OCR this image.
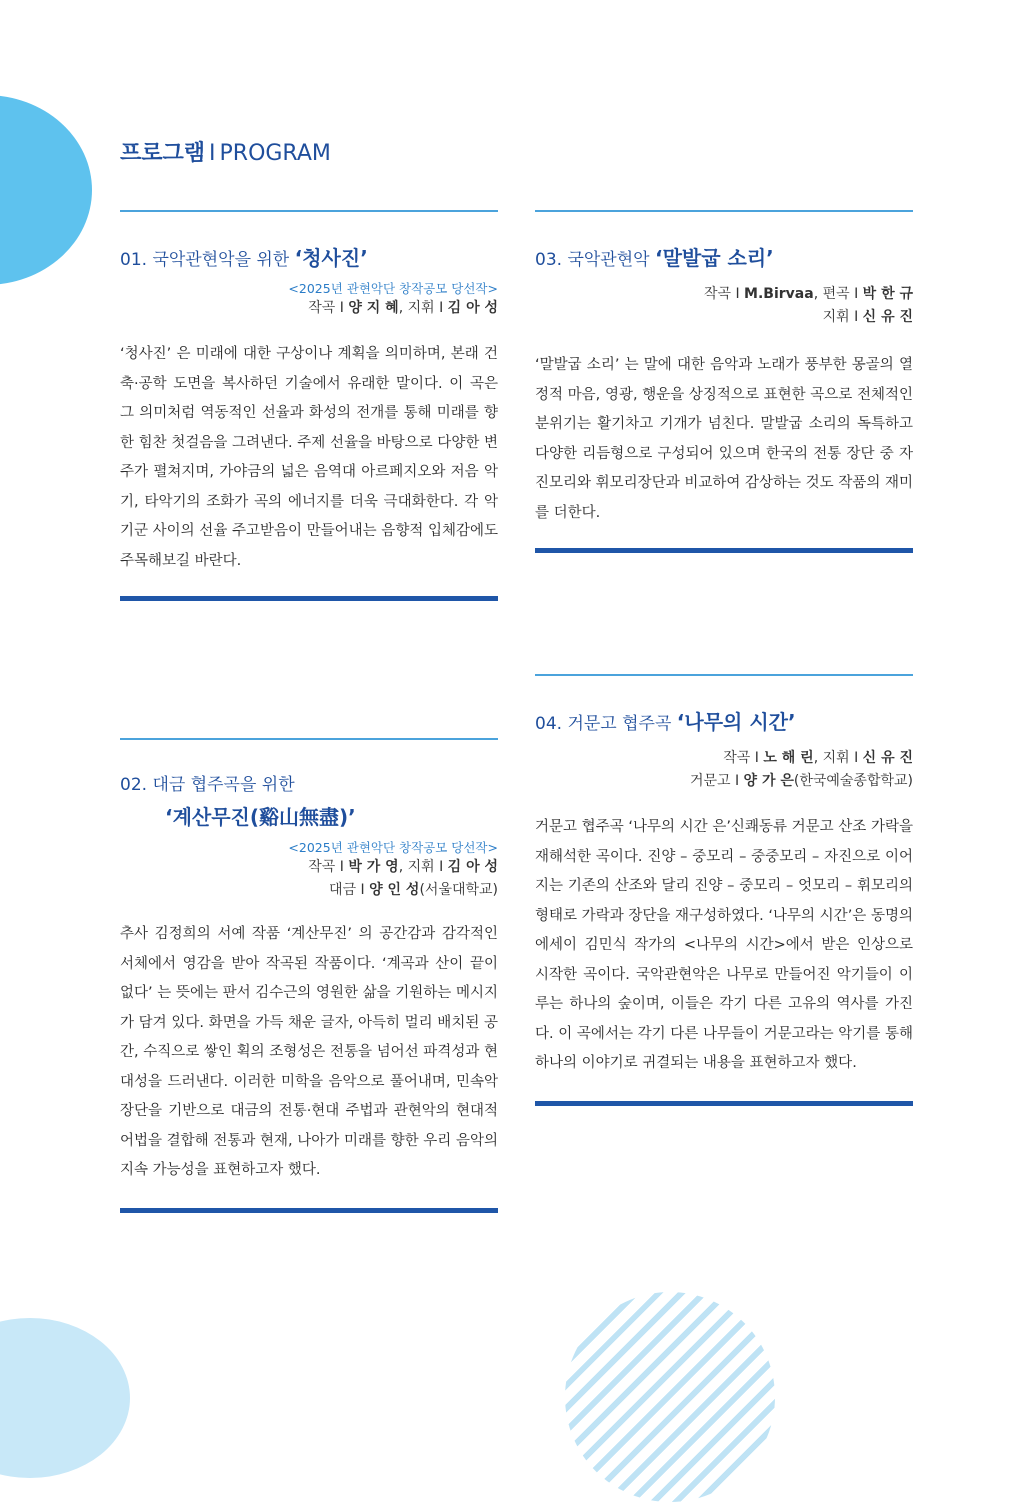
프로그램 I PROGRAM
01. 국악관현악을 위한 ‘청사진’
<2025년 관현악단 창작공모 당선작>
작곡 I 양 지 혜, 지휘 I 김 아 성
‘청사진’ 은 미래에 대한 구상이나 계획을 의미하며, 본래 건축·공학 도면을 복사하던 기술에서 유래한 말이다. 이 곡은 그 의미처럼 역동적인 선율과 화성의 전개를 통해 미래를 향한 힘찬 첫걸음을 그려낸다. 주제 선율을 바탕으로 다양한 변주가 펼쳐지며, 가야금의 넓은 음역대 아르페지오와 저음 악기, 타악기의 조화가 곡의 에너지를 더욱 극대화한다. 각 악기군 사이의 선율 주고받음이 만들어내는 음향적 입체감에도 주목해보길 바란다.
02. 대금 협주곡을 위한
‘계산무진(谿山無盡)’
<2025년 관현악단 창작공모 당선작>
작곡 I 박 가 영, 지휘 I 김 아 성
대금 I 양 인 성(서울대학교)
추사 김정희의 서예 작품 ‘계산무진’ 의 공간감과 감각적인 서체에서 영감을 받아 작곡된 작품이다. ‘계곡과 산이 끝이 없다’ 는 뜻에는 판서 김수근의 영원한 삶을 기원하는 메시지가 담겨 있다. 화면을 가득 채운 글자, 아득히 멀리 배치된 공간, 수직으로 쌓인 획의 조형성은 전통을 넘어선 파격성과 현대성을 드러낸다. 이러한 미학을 음악으로 풀어내며, 민속악 장단을 기반으로 대금의 전통·현대 주법과 관현악의 현대적 어법을 결합해 전통과 현재, 나아가 미래를 향한 우리 음악의 지속 가능성을 표현하고자 했다.
03. 국악관현악 ‘말발굽 소리’
작곡 I M.Birvaa, 편곡 I 박 한 규
지휘 I 신 유 진
‘말발굽 소리’ 는 말에 대한 음악과 노래가 풍부한 몽골의 열정적 마음, 영광, 행운을 상징적으로 표현한 곡으로 전체적인 분위기는 활기차고 기개가 넘친다. 말발굽 소리의 독특하고 다양한 리듬형으로 구성되어 있으며 한국의 전통 장단 중 자진모리와 휘모리장단과 비교하여 감상하는 것도 작품의 재미를 더한다.
04. 거문고 협주곡 ‘나무의 시간’
작곡 I 노 해 린, 지휘 I 신 유 진
거문고 I 양 가 은(한국예술종합학교)
거문고 협주곡 ‘나무의 시간 은’신쾌동류 거문고 산조 가락을 재해석한 곡이다. 진양 – 중모리 – 중중모리 – 자진으로 이어지는 기존의 산조와 달리 진양 – 중모리 – 엇모리 – 휘모리의 형태로 가락과 장단을 재구성하였다. ‘나무의 시간’은 동명의 에세이 김민식 작가의 <나무의 시간>에서 받은 인상으로 시작한 곡이다. 국악관현악은 나무로 만들어진 악기들이 이루는 하나의 숲이며, 이들은 각기 다른 고유의 역사를 가진다. 이 곡에서는 각기 다른 나무들이 거문고라는 악기를 통해 하나의 이야기로 귀결되는 내용을 표현하고자 했다.
